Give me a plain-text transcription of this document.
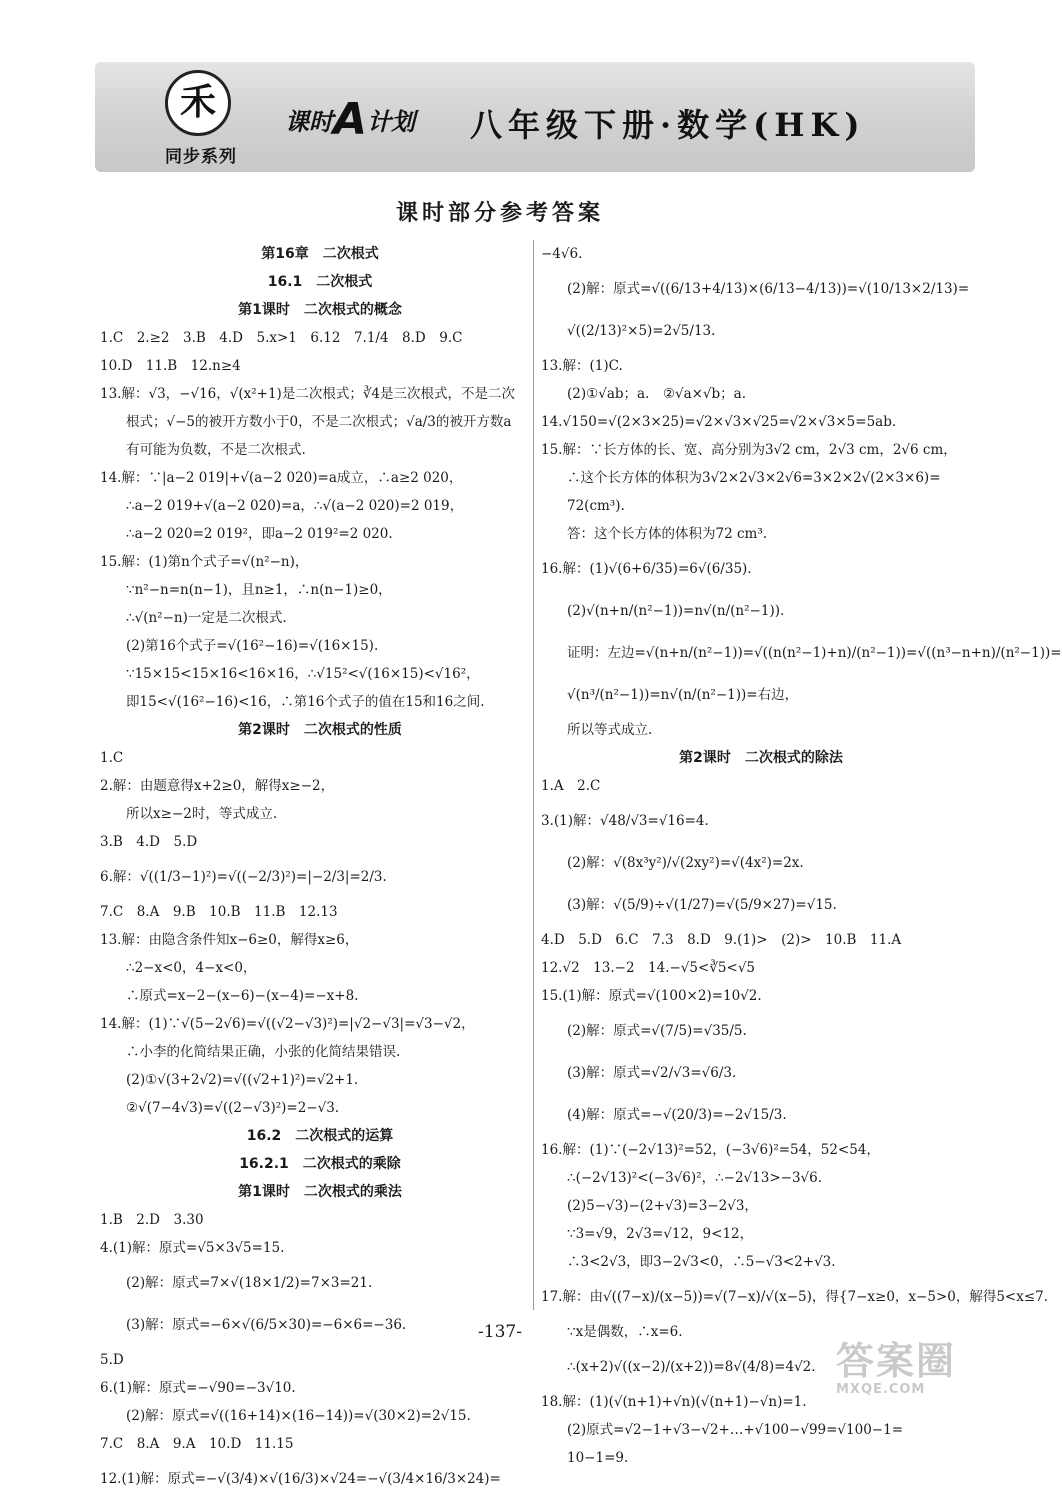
禾
同步系列
课时A计划 八年级下册·数学(HK)
课时部分参考答案
第16章　二次根式
16.1　二次根式
第1课时　二次根式的概念
1.C　2.≥2　3.B　4.D　5.x>1　6.12　7.1/4　8.D　9.C
10.D　11.B　12.n≥4
13.解：√3，−√16，√(x²+1)是二次根式；∛4是三次根式，不是二次
根式；√−5的被开方数小于0，不是二次根式；√a/3的被开方数a
有可能为负数，不是二次根式.
14.解：∵|a−2 019|+√(a−2 020)=a成立，∴a≥2 020，
∴a−2 019+√(a−2 020)=a，∴√(a−2 020)=2 019，
∴a−2 020=2 019²，即a−2 019²=2 020.
15.解：(1)第n个式子=√(n²−n)，
∵n²−n=n(n−1)，且n≥1，∴n(n−1)≥0，
∴√(n²−n)一定是二次根式.
(2)第16个式子=√(16²−16)=√(16×15).
∵15×15<15×16<16×16，∴√15²<√(16×15)<√16²，
即15<√(16²−16)<16，∴第16个式子的值在15和16之间.
第2课时　二次根式的性质
1.C
2.解：由题意得x+2≥0，解得x≥−2，
所以x≥−2时，等式成立.
3.B　4.D　5.D
6.解：√((1/3−1)²)=√((−2/3)²)=|−2/3|=2/3.
7.C　8.A　9.B　10.B　11.B　12.13
13.解：由隐含条件知x−6≥0，解得x≥6，
∴2−x<0，4−x<0，
∴原式=x−2−(x−6)−(x−4)=−x+8.
14.解：(1)∵√(5−2√6)=√((√2−√3)²)=|√2−√3|=√3−√2，
∴小李的化简结果正确，小张的化简结果错误.
(2)①√(3+2√2)=√((√2+1)²)=√2+1.
②√(7−4√3)=√((2−√3)²)=2−√3.
16.2　二次根式的运算
16.2.1　二次根式的乘除
第1课时　二次根式的乘法
1.B　2.D　3.30
4.(1)解：原式=√5×3√5=15.
(2)解：原式=7×√(18×1/2)=7×3=21.
(3)解：原式=−6×√(6/5×30)=−6×6=−36.
5.D
6.(1)解：原式=−√90=−3√10.
(2)解：原式=√((16+14)×(16−14))=√(30×2)=2√15.
7.C　8.A　9.A　10.D　11.15
12.(1)解：原式=−√(3/4)×√(16/3)×√24=−√(3/4×16/3×24)=
−4√6.
(2)解：原式=√((6/13+4/13)×(6/13−4/13))=√(10/13×2/13)=
√((2/13)²×5)=2√5/13.
13.解：(1)C.
(2)①√ab；a.　②√a×√b；a.
14.√150=√(2×3×25)=√2×√3×√25=√2×√3×5=5ab.
15.解：∵长方体的长、宽、高分别为3√2 cm，2√3 cm，2√6 cm，
∴这个长方体的体积为3√2×2√3×2√6=3×2×2√(2×3×6)=
72(cm³).
答：这个长方体的体积为72 cm³.
16.解：(1)√(6+6/35)=6√(6/35).
(2)√(n+n/(n²−1))=n√(n/(n²−1)).
证明：左边=√(n+n/(n²−1))=√((n(n²−1)+n)/(n²−1))=√((n³−n+n)/(n²−1))=
√(n³/(n²−1))=n√(n/(n²−1))=右边，
所以等式成立.
第2课时　二次根式的除法
1.A　2.C
3.(1)解：√48/√3=√16=4.
(2)解：√(8x³y²)/√(2xy²)=√(4x²)=2x.
(3)解：√(5/9)÷√(1/27)=√(5/9×27)=√15.
4.D　5.D　6.C　7.3　8.D　9.(1)>　(2)>　10.B　11.A
12.√2　13.−2　14.−√5<∛5<√5
15.(1)解：原式=√(100×2)=10√2.
(2)解：原式=√(7/5)=√35/5.
(3)解：原式=√2/√3=√6/3.
(4)解：原式=−√(20/3)=−2√15/3.
16.解：(1)∵(−2√13)²=52，(−3√6)²=54，52<54，
∴(−2√13)²<(−3√6)²，∴−2√13>−3√6.
(2)5−√3)−(2+√3)=3−2√3，
∵3=√9，2√3=√12，9<12，
∴3<2√3，即3−2√3<0，∴5−√3<2+√3.
17.解：由√((7−x)/(x−5))=√(7−x)/√(x−5)，得{7−x≥0，x−5>0，解得5<x≤7.
∵x是偶数，∴x=6.
∴(x+2)√((x−2)/(x+2))=8√(4/8)=4√2.
18.解：(1)(√(n+1)+√n)(√(n+1)−√n)=1.
(2)原式=√2−1+√3−√2+…+√100−√99=√100−1=
10−1=9.
-137-
答案圈
MXQE.COM
